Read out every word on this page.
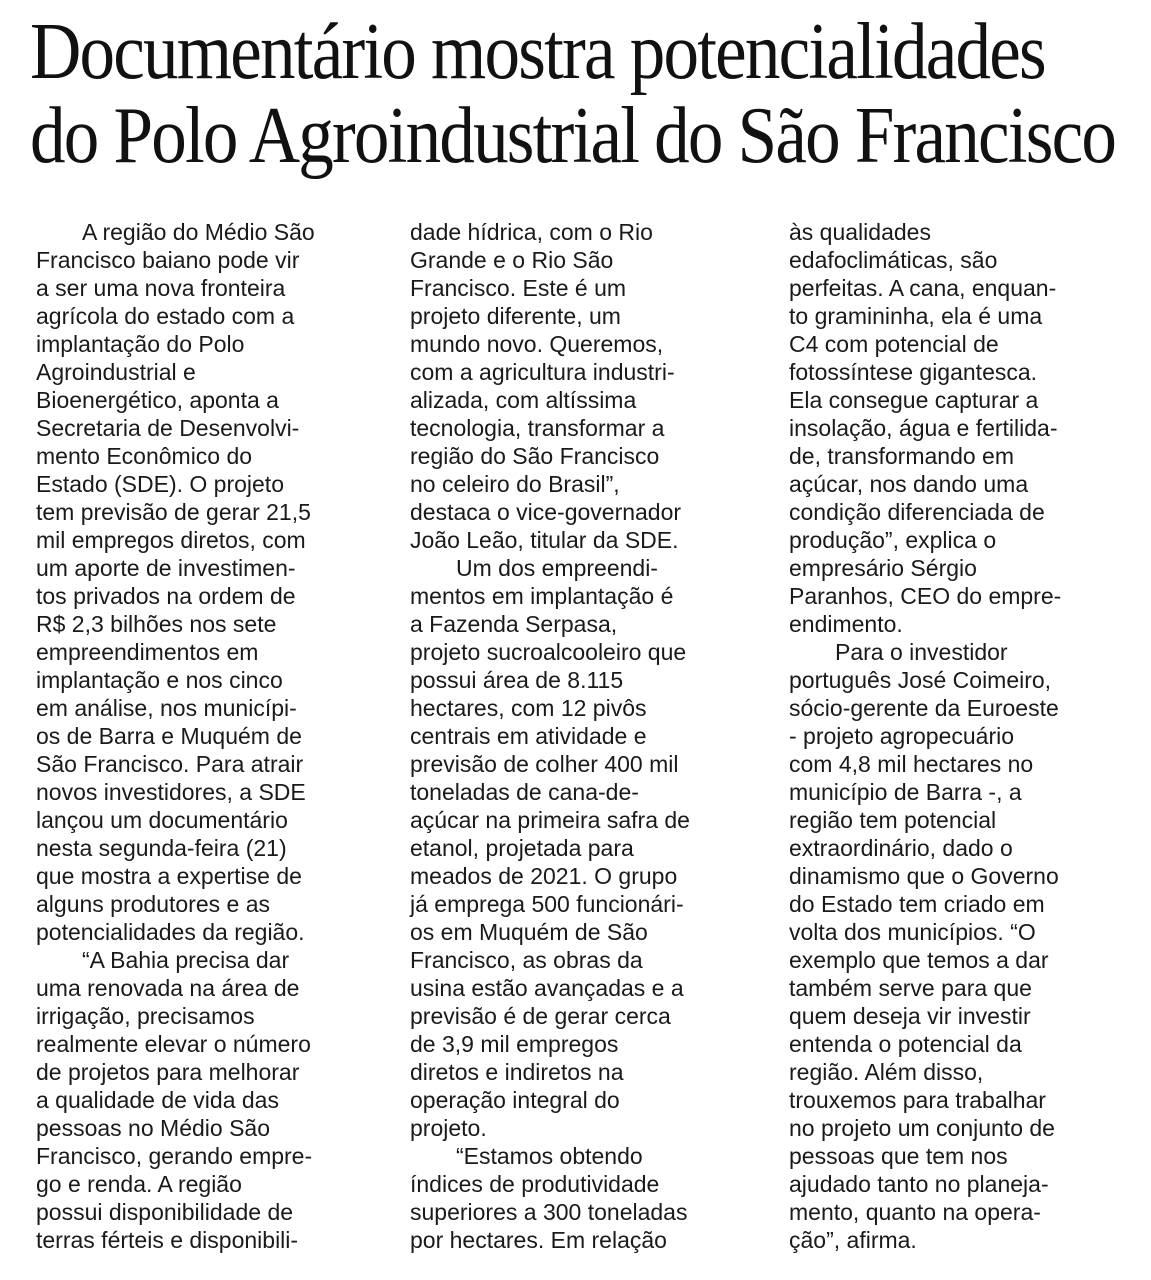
Documentário mostra potencialidades
do Polo Agroindustrial do São Francisco
A região do Médio São
Francisco baiano pode vir
a ser uma nova fronteira
agrícola do estado com a
implantação do Polo
Agroindustrial e
Bioenergético, aponta a
Secretaria de Desenvolvi-
mento Econômico do
Estado (SDE). O projeto
tem previsão de gerar 21,5
mil empregos diretos, com
um aporte de investimen-
tos privados na ordem de
R$ 2,3 bilhões nos sete
empreendimentos em
implantação e nos cinco
em análise, nos municípi-
os de Barra e Muquém de
São Francisco. Para atrair
novos investidores, a SDE
lançou um documentário
nesta segunda-feira (21)
que mostra a expertise de
alguns produtores e as
potencialidades da região.
“A Bahia precisa dar
uma renovada na área de
irrigação, precisamos
realmente elevar o número
de projetos para melhorar
a qualidade de vida das
pessoas no Médio São
Francisco, gerando empre-
go e renda. A região
possui disponibilidade de
terras férteis e disponibili-
dade hídrica, com o Rio
Grande e o Rio São
Francisco. Este é um
projeto diferente, um
mundo novo. Queremos,
com a agricultura industri-
alizada, com altíssima
tecnologia, transformar a
região do São Francisco
no celeiro do Brasil”,
destaca o vice-governador
João Leão, titular da SDE.
Um dos empreendi-
mentos em implantação é
a Fazenda Serpasa,
projeto sucroalcooleiro que
possui área de 8.115
hectares, com 12 pivôs
centrais em atividade e
previsão de colher 400 mil
toneladas de cana-de-
açúcar na primeira safra de
etanol, projetada para
meados de 2021. O grupo
já emprega 500 funcionári-
os em Muquém de São
Francisco, as obras da
usina estão avançadas e a
previsão é de gerar cerca
de 3,9 mil empregos
diretos e indiretos na
operação integral do
projeto.
“Estamos obtendo
índices de produtividade
superiores a 300 toneladas
por hectares. Em relação
às qualidades
edafoclimáticas, são
perfeitas. A cana, enquan-
to gramininha, ela é uma
C4 com potencial de
fotossíntese gigantesca.
Ela consegue capturar a
insolação, água e fertilida-
de, transformando em
açúcar, nos dando uma
condição diferenciada de
produção”, explica o
empresário Sérgio
Paranhos, CEO do empre-
endimento.
Para o investidor
português José Coimeiro,
sócio-gerente da Euroeste
- projeto agropecuário
com 4,8 mil hectares no
município de Barra -, a
região tem potencial
extraordinário, dado o
dinamismo que o Governo
do Estado tem criado em
volta dos municípios. “O
exemplo que temos a dar
também serve para que
quem deseja vir investir
entenda o potencial da
região. Além disso,
trouxemos para trabalhar
no projeto um conjunto de
pessoas que tem nos
ajudado tanto no planeja-
mento, quanto na opera-
ção”, afirma.
